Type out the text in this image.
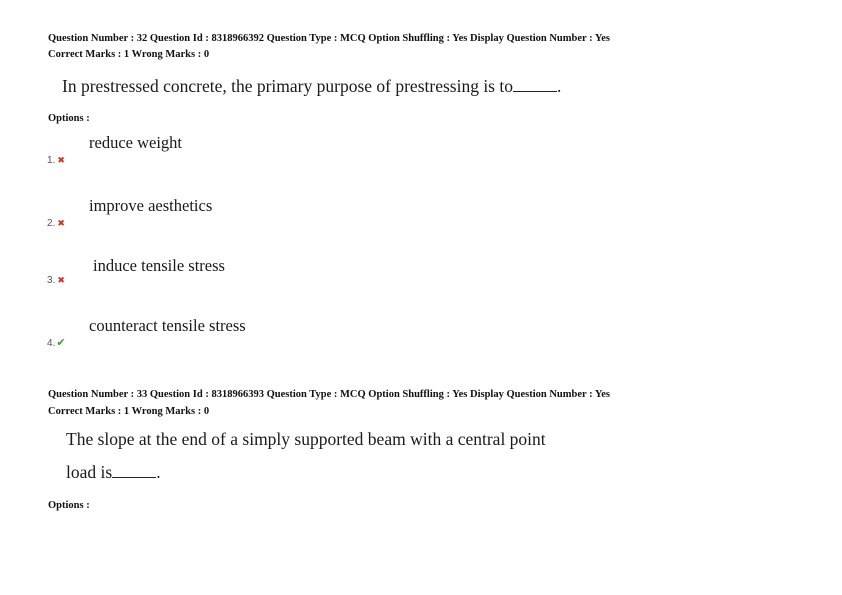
Question Number : 32 Question Id : 8318966392 Question Type : MCQ Option Shuffling : Yes Display Question Number : Yes
Correct Marks : 1 Wrong Marks : 0
In prestressed concrete, the primary purpose of prestressing is to	.
Options :
reduce weight
1. ✖
improve aesthetics
2. ✖
induce tensile stress
3. ✖
counteract tensile stress
4.✔
Question Number : 33 Question Id : 8318966393 Question Type : MCQ Option Shuffling : Yes Display Question Number : Yes
Correct Marks : 1 Wrong Marks : 0
The slope at the end of a simply supported beam with a central point
load is	.
Options :
